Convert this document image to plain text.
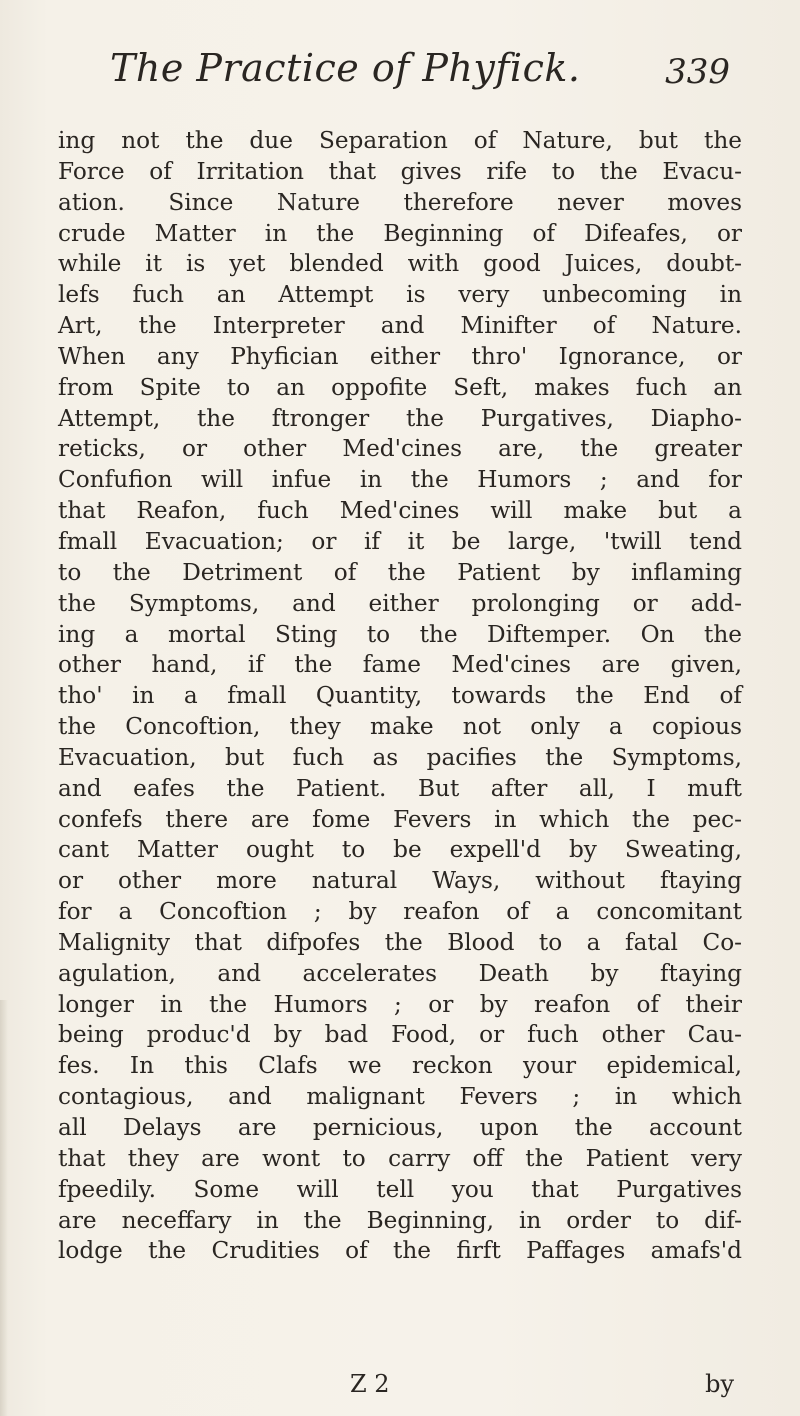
The Practice of Phyfick. 339
ing not the due Separation of Nature, but the
Force of Irritation that gives rife to the Evacu-
ation. Since Nature therefore never moves
crude Matter in the Beginning of Difeafes, or
while it is yet blended with good Juices, doubt-
lefs fuch an Attempt is very unbecoming in
Art, the Interpreter and Minifter of Nature.
When any Phyfician either thro' Ignorance, or
from Spite to an oppofite Seft, makes fuch an
Attempt, the ftronger the Purgatives, Diapho-
reticks, or other Med'cines are, the greater
Confufion will infue in the Humors ; and for
that Reafon, fuch Med'cines will make but a
fmall Evacuation; or if it be large, 'twill tend
to the Detriment of the Patient by inflaming
the Symptoms, and either prolonging or add-
ing a mortal Sting to the Diftemper. On the
other hand, if the fame Med'cines are given,
tho' in a fmall Quantity, towards the End of
the Concoftion, they make not only a copious
Evacuation, but fuch as pacifies the Symptoms,
and eafes the Patient. But after all, I muft
confefs there are fome Fevers in which the pec-
cant Matter ought to be expell'd by Sweating,
or other more natural Ways, without ftaying
for a Concoftion ; by reafon of a concomitant
Malignity that difpofes the Blood to a fatal Co-
agulation, and accelerates Death by ftaying
longer in the Humors ; or by reafon of their
being produc'd by bad Food, or fuch other Cau-
fes. In this Clafs we reckon your epidemical,
contagious, and malignant Fevers ; in which
all Delays are pernicious, upon the account
that they are wont to carry off the Patient very
fpeedily. Some will tell you that Purgatives
are neceffary in the Beginning, in order to dif-
lodge the Crudities of the firft Paffages amafs'd
Z 2	by
